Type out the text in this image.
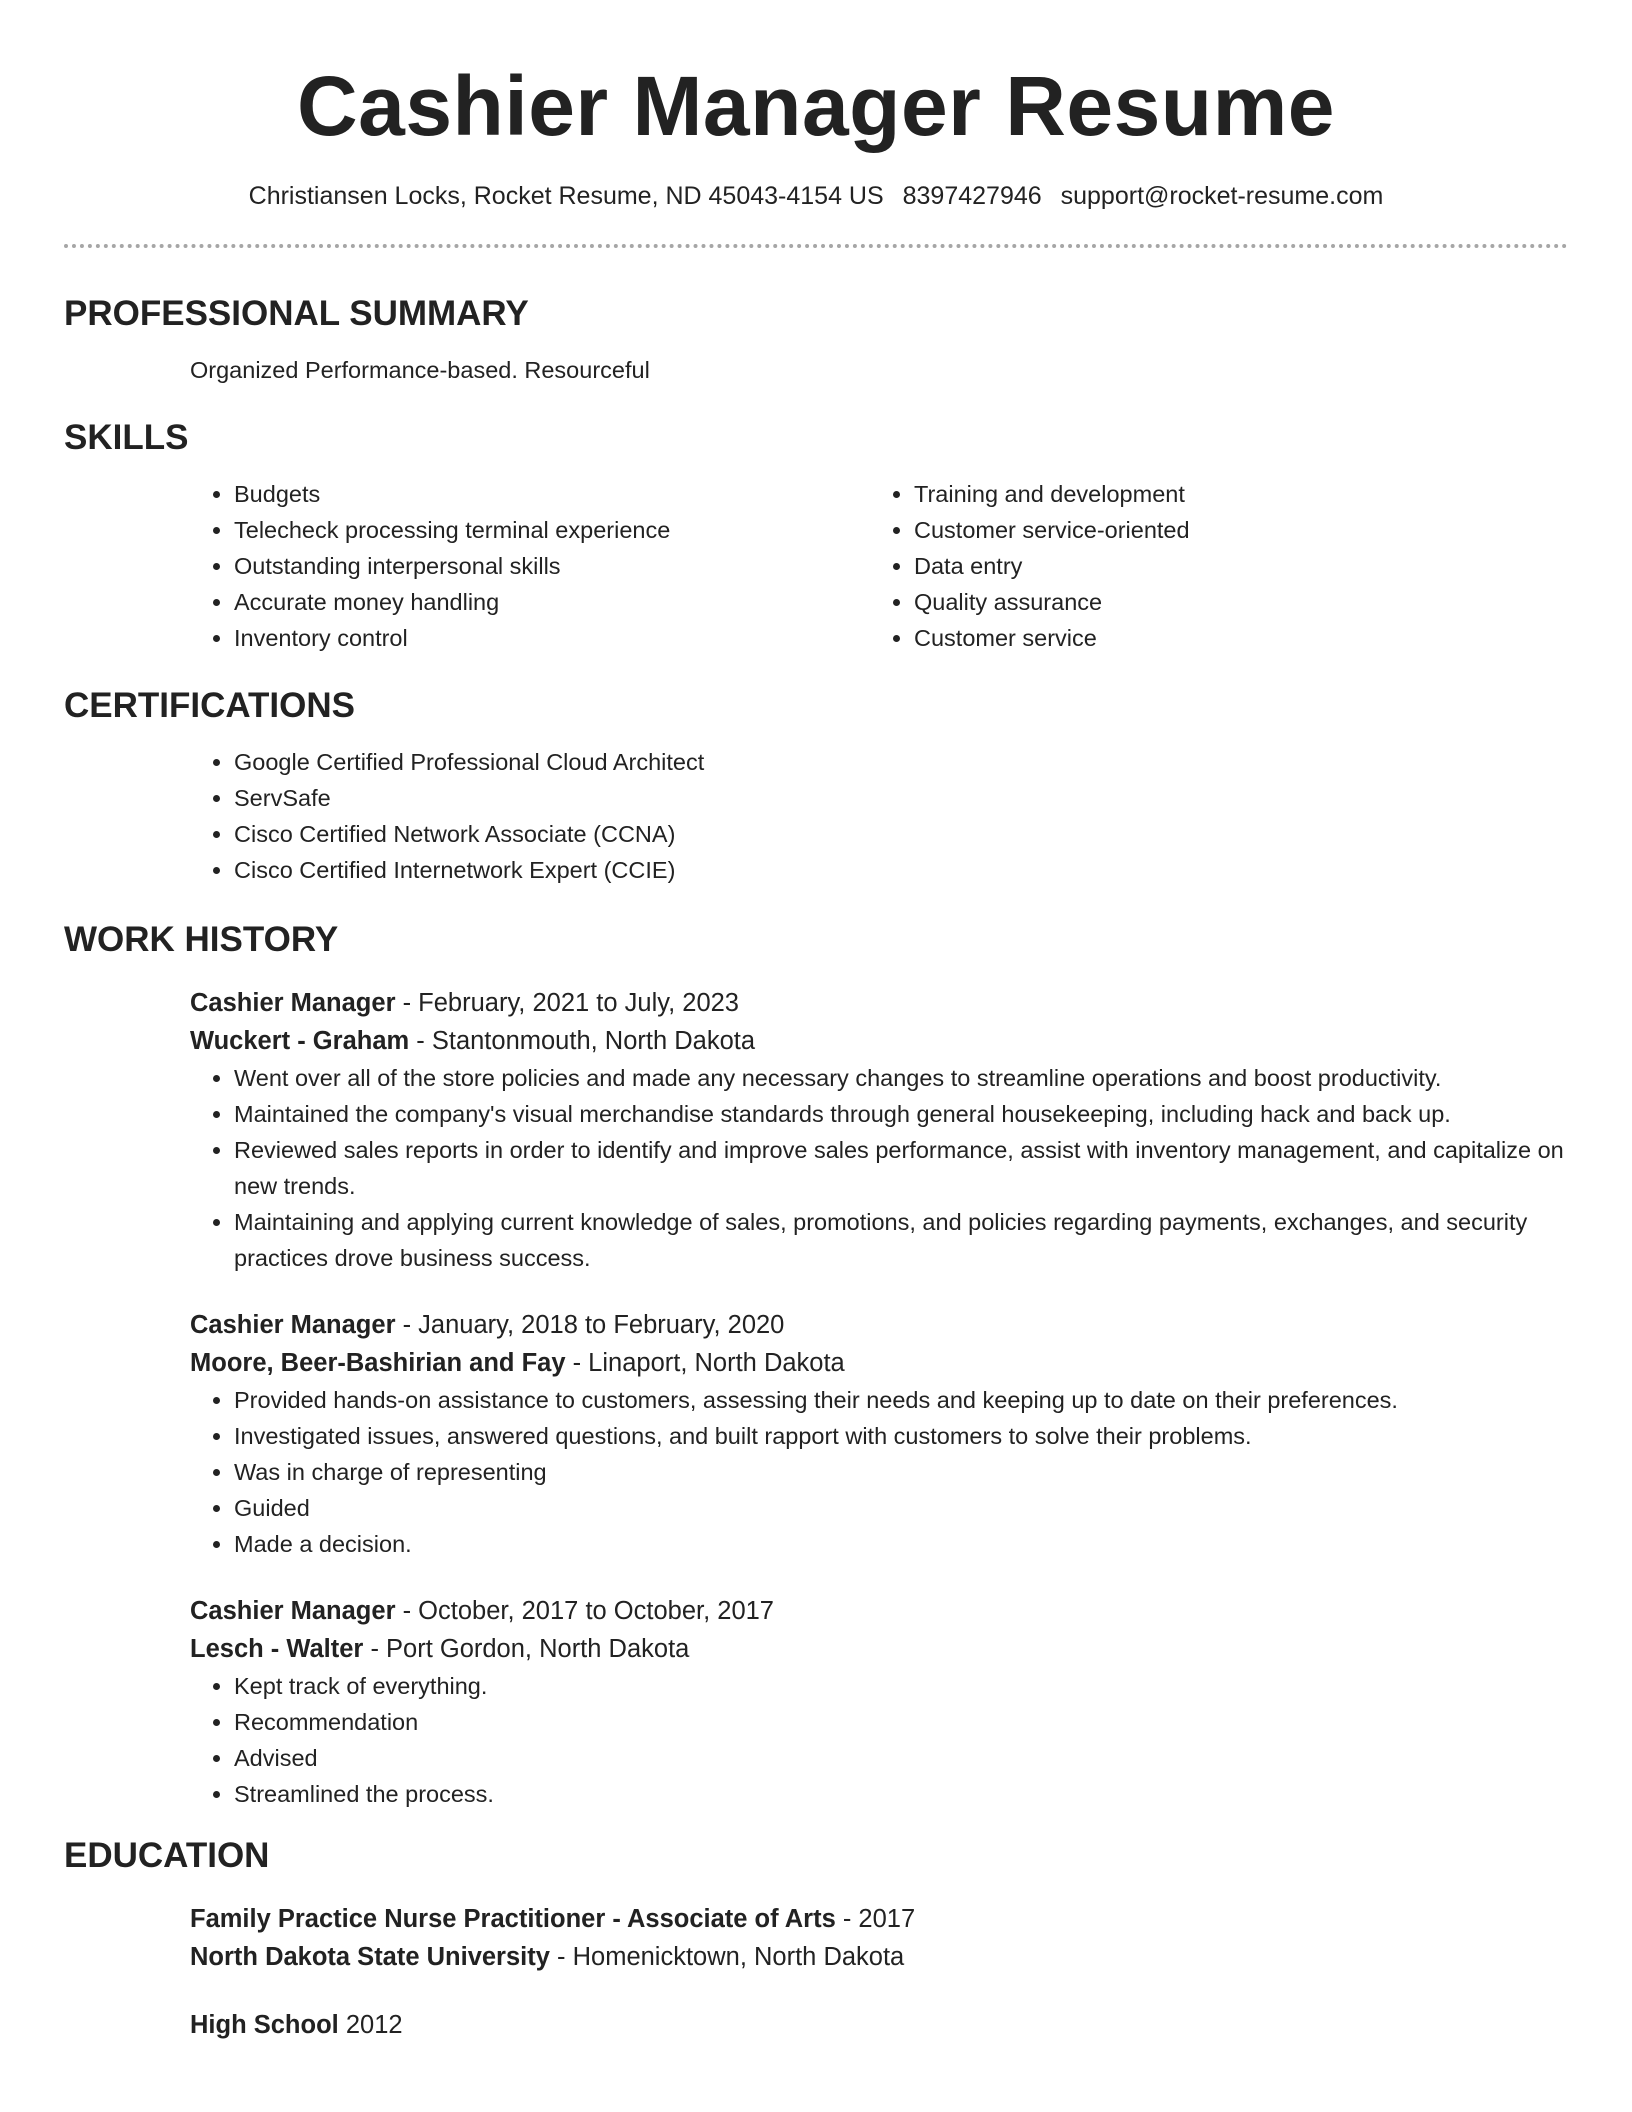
Cashier Manager Resume
Christiansen Locks, Rocket Resume, ND 45043-4154 US 8397427946 support@rocket-resume.com
PROFESSIONAL SUMMARY

Organized Performance-based. Resourceful

SKILLS
• Budgets
• Telecheck processing terminal experience
• Outstanding interpersonal skills
• Accurate money handling
• Inventory control
• Training and development
• Customer service-oriented
• Data entry
• Quality assurance
• Customer service
CERTIFICATIONS
• Google Certified Professional Cloud Architect
• ServSafe
• Cisco Certified Network Associate (CCNA)
• Cisco Certified Internetwork Expert (CCIE)
WORK HISTORY
Cashier Manager - February, 2021 to July, 2023
Wuckert - Graham - Stantonmouth, North Dakota
• Went over all of the store policies and made any necessary changes to streamline operations and boost productivity.
• Maintained the company's visual merchandise standards through general housekeeping, including hack and back up.
• Reviewed sales reports in order to identify and improve sales performance, assist with inventory management, and capitalize on new trends.
• Maintaining and applying current knowledge of sales, promotions, and policies regarding payments, exchanges, and security practices drove business success.
Cashier Manager - January, 2018 to February, 2020
Moore, Beer-Bashirian and Fay - Linaport, North Dakota
• Provided hands-on assistance to customers, assessing their needs and keeping up to date on their preferences.
• Investigated issues, answered questions, and built rapport with customers to solve their problems.
• Was in charge of representing
• Guided
• Made a decision.
Cashier Manager - October, 2017 to October, 2017
Lesch - Walter - Port Gordon, North Dakota
• Kept track of everything.
• Recommendation
• Advised
• Streamlined the process.
EDUCATION
Family Practice Nurse Practitioner - Associate of Arts - 2017
North Dakota State University - Homenicktown, North Dakota
High School 2012
